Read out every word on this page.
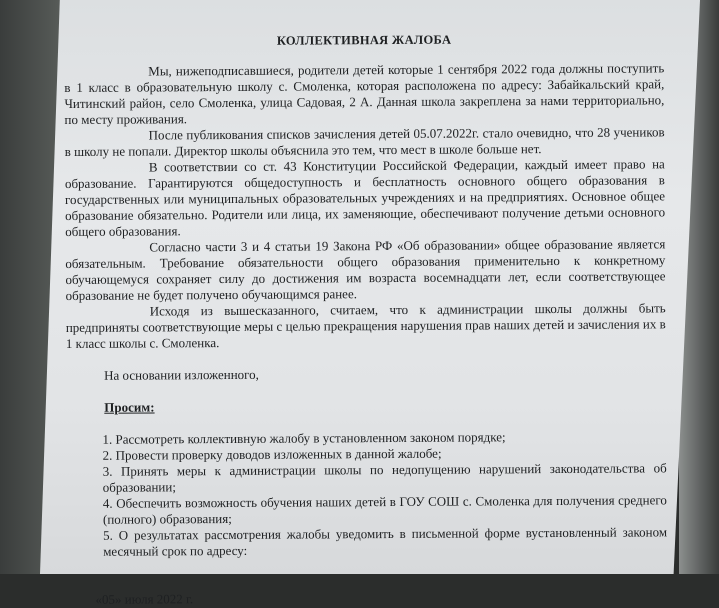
КОЛЛЕКТИВНАЯ ЖАЛОБА

Мы, нижеподписавшиеся, родители детей которые 1 сентября 2022 года должны поступить в 1 класс в образовательную школу с. Смоленка, которая расположена по адресу: Забайкальский край, Читинский район, село Смоленка, улица Садовая, 2 А. Данная школа закреплена за нами территориально, по месту проживания.

После публикования списков зачисления детей 05.07.2022г. стало очевидно, что 28 учеников в школу не попали. Директор школы объяснила это тем, что мест в школе больше нет.

В соответствии со ст. 43 Конституции Российской Федерации, каждый имеет право на образование. Гарантируются общедоступность и бесплатность основного общего образования в государственных или муниципальных образовательных учреждениях и на предприятиях. Основное общее образование обязательно. Родители или лица, их заменяющие, обеспечивают получение детьми основного общего образования.

Согласно части 3 и 4 статьи 19 Закона РФ «Об образовании» общее образование является обязательным. Требование обязательности общего образования применительно к конкретному обучающемуся сохраняет силу до достижения им возраста восемнадцати лет, если соответствующее образование не будет получено обучающимся ранее.

Исходя из вышесказанного, считаем, что к администрации школы должны быть предприняты соответствующие меры с целью прекращения нарушения прав наших детей и зачисления их в 1 класс школы с. Смоленка.

На основании изложенного,

Просим:

1. Рассмотреть коллективную жалобу в установленном законом порядке;
2. Провести проверку доводов изложенных в данной жалобе;
3. Принять меры к администрации школы по недопущению нарушений законодательства об образовании;
4. Обеспечить возможность обучения наших детей в ГОУ СОШ с. Смоленка для получения среднего (полного) образования;
5. О результатах рассмотрения жалобы уведомить в письменной форме вустановленный законом месячный срок по адресу:

«05» июля 2022 г.
